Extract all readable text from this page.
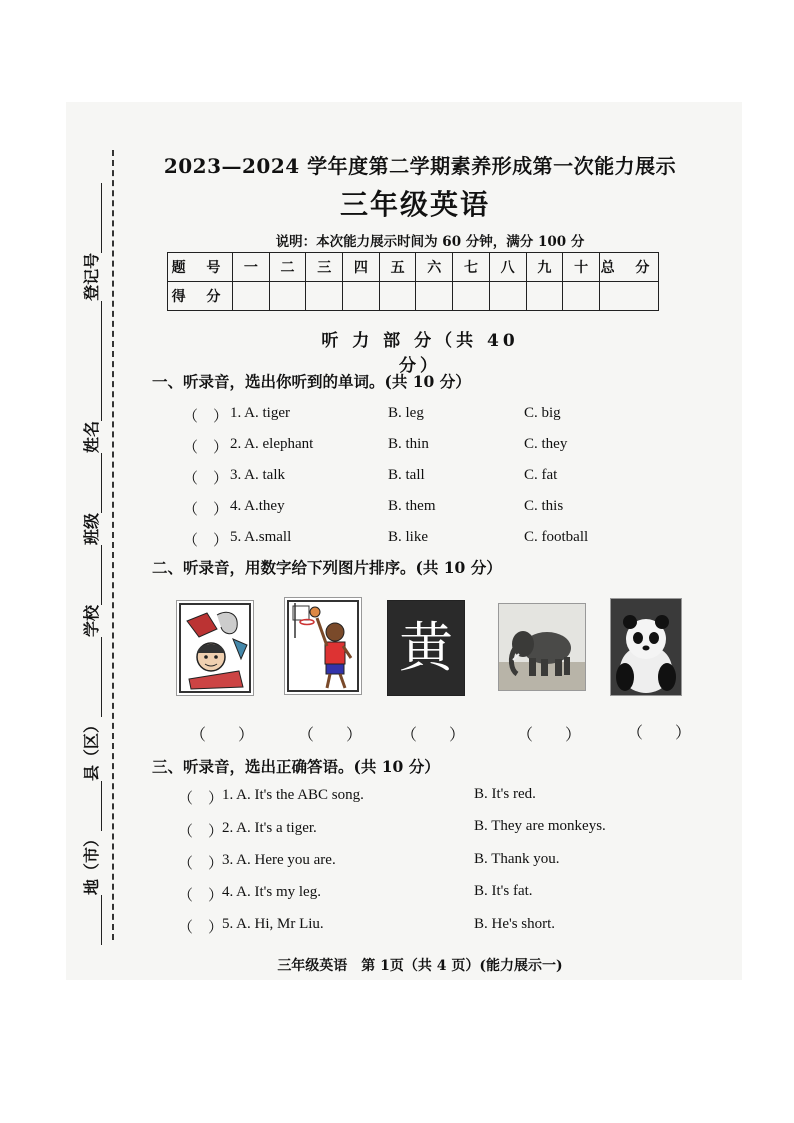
地（市）县（区）学校班级姓名登记号
2023—2024 学年度第二学期素养形成第一次能力展示
三年级英语
说明：本次能力展示时间为 60 分钟，满分 100 分
题 号	一	二	三	四	五	六	七	八	九	十	总 分
得 分											
听 力 部 分（共 40 分）
一、听录音，选出你听到的单词。(共 10 分）
（　） 1. A. tiger	B. leg	C. big
（　） 2. A. elephant	B. thin	C. they
（　） 3. A. talk	B. tall	C. fat
（　） 4. A.they	B. them	C. this
（　） 5. A.small	B. like	C. football
二、听录音，用数字给下列图片排序。(共 10 分）
黄
（　　）	（　　） （　　）	（　　）	（　　）
三、听录音，选出正确答语。(共 10 分）
（　）
1. A. It's the ABC song.	B. It's red.
（　）
2. A. It's a tiger.	B. They are monkeys.
（　）
3. A. Here you are.	B. Thank you.
（　）
4. A. It's my leg.	B. It's fat.
（　）
5. A. Hi, Mr Liu.	B. He's short.
三年级英语　第 1页（共 4 页）(能力展示一)
